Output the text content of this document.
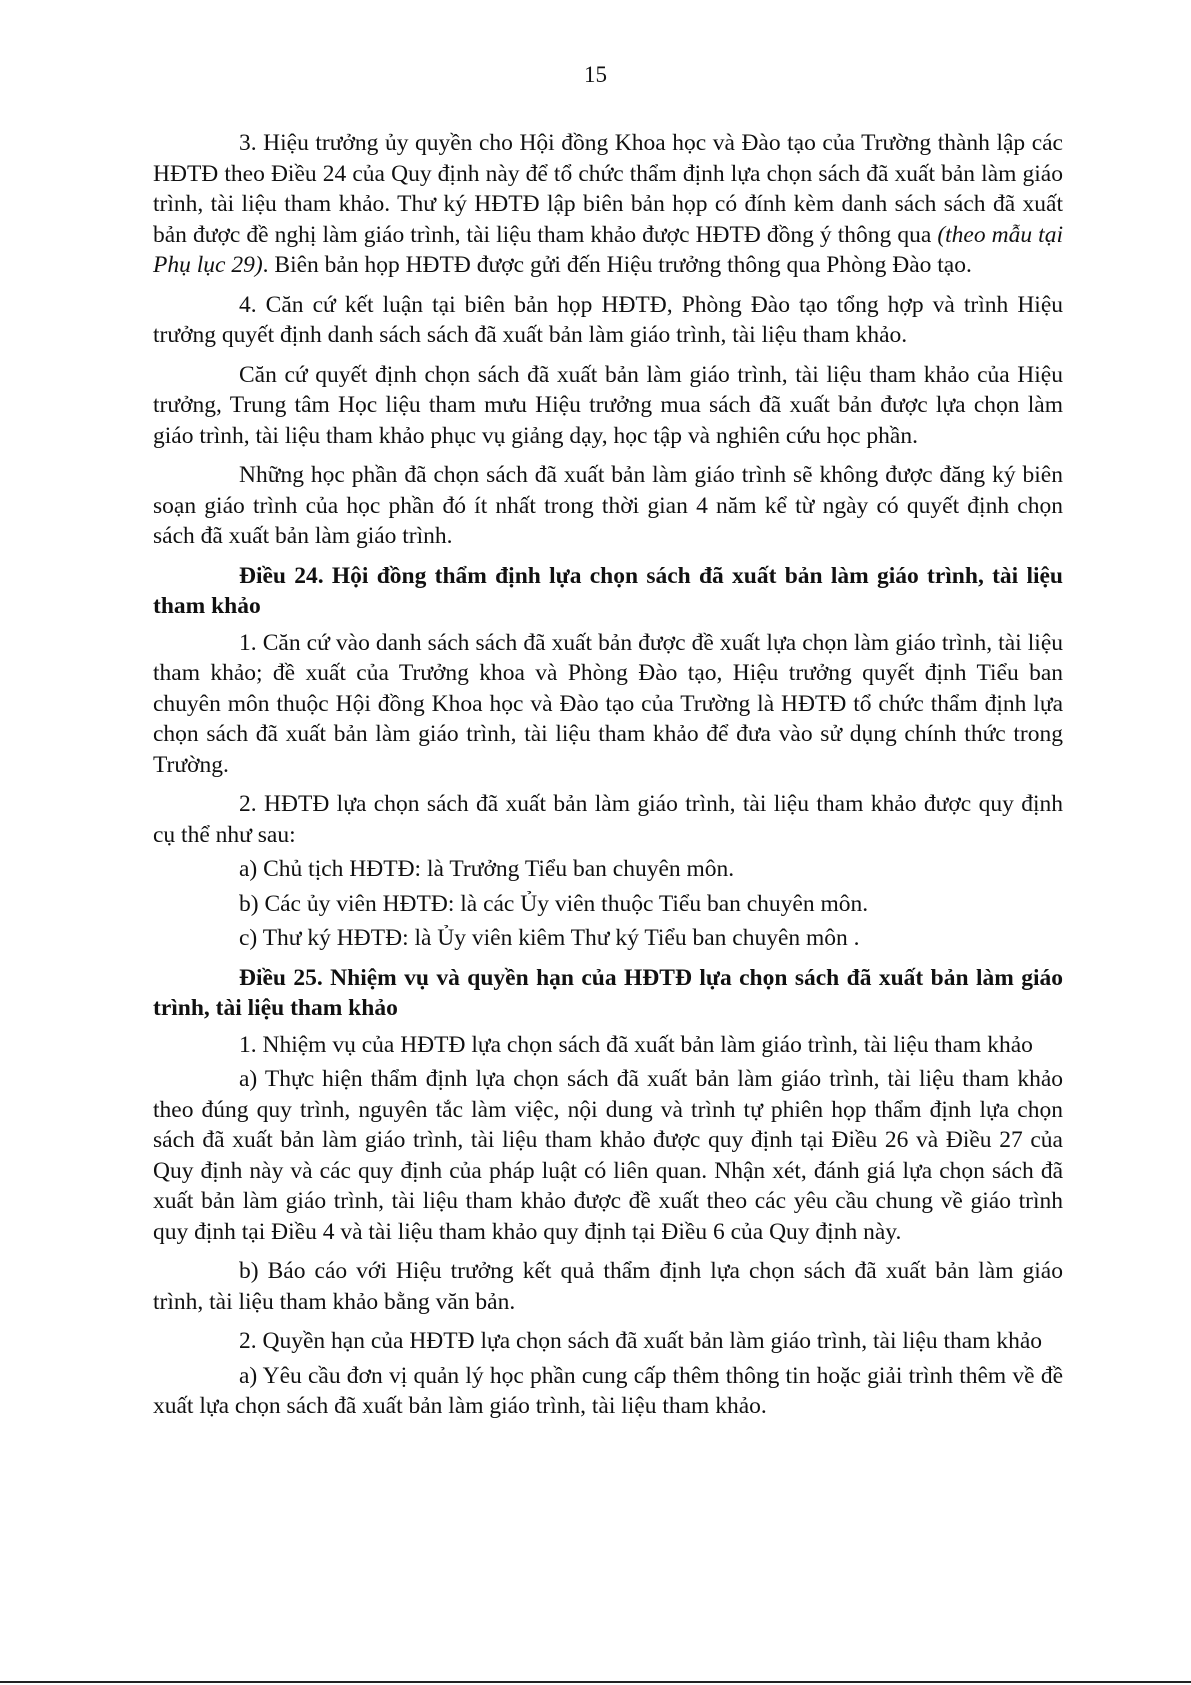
15

3. Hiệu trưởng ủy quyền cho Hội đồng Khoa học và Đào tạo của Trường thành lập các HĐTĐ theo Điều 24 của Quy định này để tổ chức thẩm định lựa chọn sách đã xuất bản làm giáo trình, tài liệu tham khảo. Thư ký HĐTĐ lập biên bản họp có đính kèm danh sách sách đã xuất bản được đề nghị làm giáo trình, tài liệu tham khảo được HĐTĐ đồng ý thông qua (theo mẫu tại Phụ lục 29). Biên bản họp HĐTĐ được gửi đến Hiệu trưởng thông qua Phòng Đào tạo.

4. Căn cứ kết luận tại biên bản họp HĐTĐ, Phòng Đào tạo tổng hợp và trình Hiệu trưởng quyết định danh sách sách đã xuất bản làm giáo trình, tài liệu tham khảo.

Căn cứ quyết định chọn sách đã xuất bản làm giáo trình, tài liệu tham khảo của Hiệu trưởng, Trung tâm Học liệu tham mưu Hiệu trưởng mua sách đã xuất bản được lựa chọn làm giáo trình, tài liệu tham khảo phục vụ giảng dạy, học tập và nghiên cứu học phần.

Những học phần đã chọn sách đã xuất bản làm giáo trình sẽ không được đăng ký biên soạn giáo trình của học phần đó ít nhất trong thời gian 4 năm kể từ ngày có quyết định chọn sách đã xuất bản làm giáo trình.

Điều 24. Hội đồng thẩm định lựa chọn sách đã xuất bản làm giáo trình, tài liệu tham khảo

1. Căn cứ vào danh sách sách đã xuất bản được đề xuất lựa chọn làm giáo trình, tài liệu tham khảo; đề xuất của Trưởng khoa và Phòng Đào tạo, Hiệu trưởng quyết định Tiểu ban chuyên môn thuộc Hội đồng Khoa học và Đào tạo của Trường là HĐTĐ tổ chức thẩm định lựa chọn sách đã xuất bản làm giáo trình, tài liệu tham khảo để đưa vào sử dụng chính thức trong Trường.

2. HĐTĐ lựa chọn sách đã xuất bản làm giáo trình, tài liệu tham khảo được quy định cụ thể như sau:

a) Chủ tịch HĐTĐ: là Trưởng Tiểu ban chuyên môn.

b) Các ủy viên HĐTĐ: là các Ủy viên thuộc Tiểu ban chuyên môn.

c) Thư ký HĐTĐ: là Ủy viên kiêm Thư ký Tiểu ban chuyên môn .

Điều 25. Nhiệm vụ và quyền hạn của HĐTĐ lựa chọn sách đã xuất bản làm giáo trình, tài liệu tham khảo

1. Nhiệm vụ của HĐTĐ lựa chọn sách đã xuất bản làm giáo trình, tài liệu tham khảo

a) Thực hiện thẩm định lựa chọn sách đã xuất bản làm giáo trình, tài liệu tham khảo theo đúng quy trình, nguyên tắc làm việc, nội dung và trình tự phiên họp thẩm định lựa chọn sách đã xuất bản làm giáo trình, tài liệu tham khảo được quy định tại Điều 26 và Điều 27 của Quy định này và các quy định của pháp luật có liên quan. Nhận xét, đánh giá lựa chọn sách đã xuất bản làm giáo trình, tài liệu tham khảo được đề xuất theo các yêu cầu chung về giáo trình quy định tại Điều 4 và tài liệu tham khảo quy định tại Điều 6 của Quy định này.

b) Báo cáo với Hiệu trưởng kết quả thẩm định lựa chọn sách đã xuất bản làm giáo trình, tài liệu tham khảo bằng văn bản.

2. Quyền hạn của HĐTĐ lựa chọn sách đã xuất bản làm giáo trình, tài liệu tham khảo

a) Yêu cầu đơn vị quản lý học phần cung cấp thêm thông tin hoặc giải trình thêm về đề xuất lựa chọn sách đã xuất bản làm giáo trình, tài liệu tham khảo.
